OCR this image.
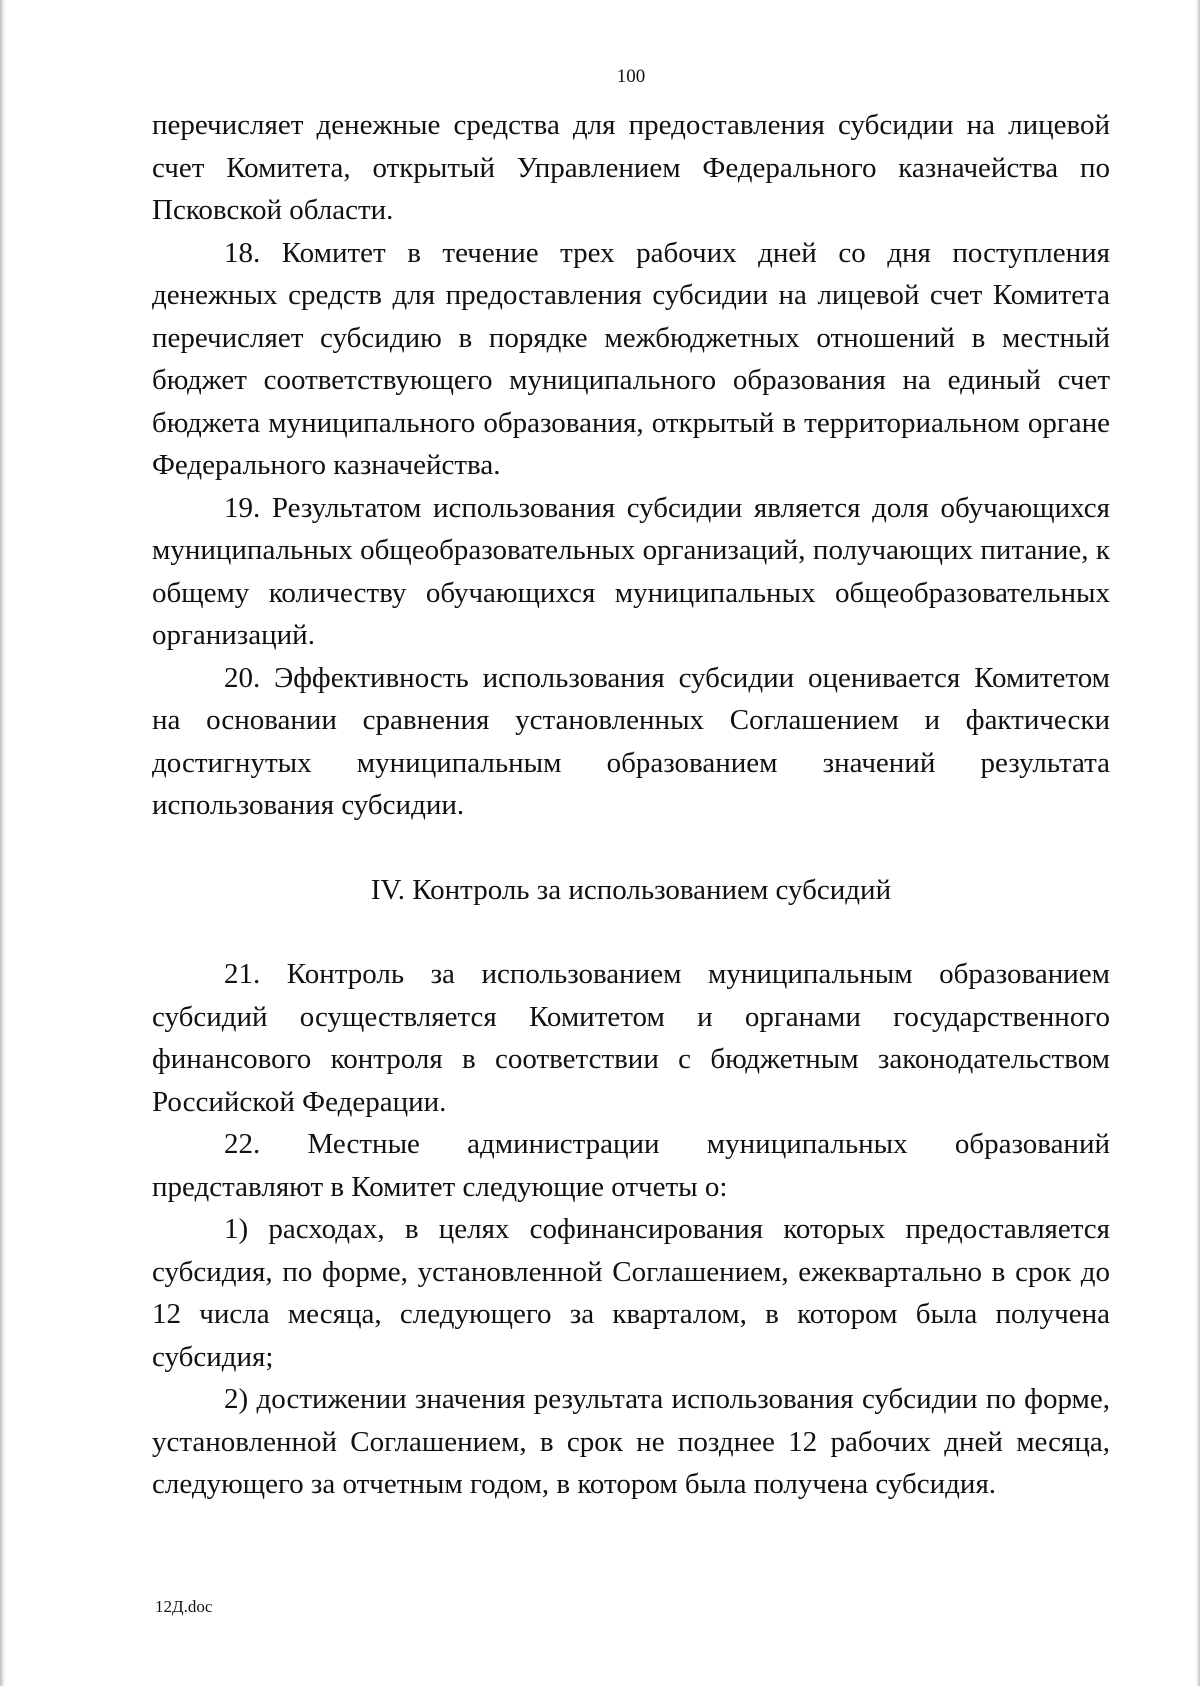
100

перечисляет денежные средства для предоставления субсидии на лицевой счет Комитета, открытый Управлением Федерального казначейства по Псковской области.

18. Комитет в течение трех рабочих дней со дня поступления денежных средств для предоставления субсидии на лицевой счет Комитета перечисляет субсидию в порядке межбюджетных отношений в местный бюджет соответствующего муниципального образования на единый счет бюджета муниципального образования, открытый в территориальном органе Федерального казначейства.

19. Результатом использования субсидии является доля обучающихся муниципальных общеобразовательных организаций, получающих питание, к общему количеству обучающихся муниципальных общеобразовательных организаций.

20. Эффективность использования субсидии оценивается Комитетом на основании сравнения установленных Соглашением и фактически достигнутых муниципальным образованием значений результата использования субсидии.

IV. Контроль за использованием субсидий

21. Контроль за использованием муниципальным образованием субсидий осуществляется Комитетом и органами государственного финансового контроля в соответствии с бюджетным законодательством Российской Федерации.

22. Местные администрации муниципальных образований представляют в Комитет следующие отчеты о:

1) расходах, в целях софинансирования которых предоставляется субсидия, по форме, установленной Соглашением, ежеквартально в срок до 12 числа месяца, следующего за кварталом, в котором была получена субсидия;

2) достижении значения результата использования субсидии по форме, установленной Соглашением, в срок не позднее 12 рабочих дней месяца, следующего за отчетным годом, в котором была получена субсидия.

12Д.doc
